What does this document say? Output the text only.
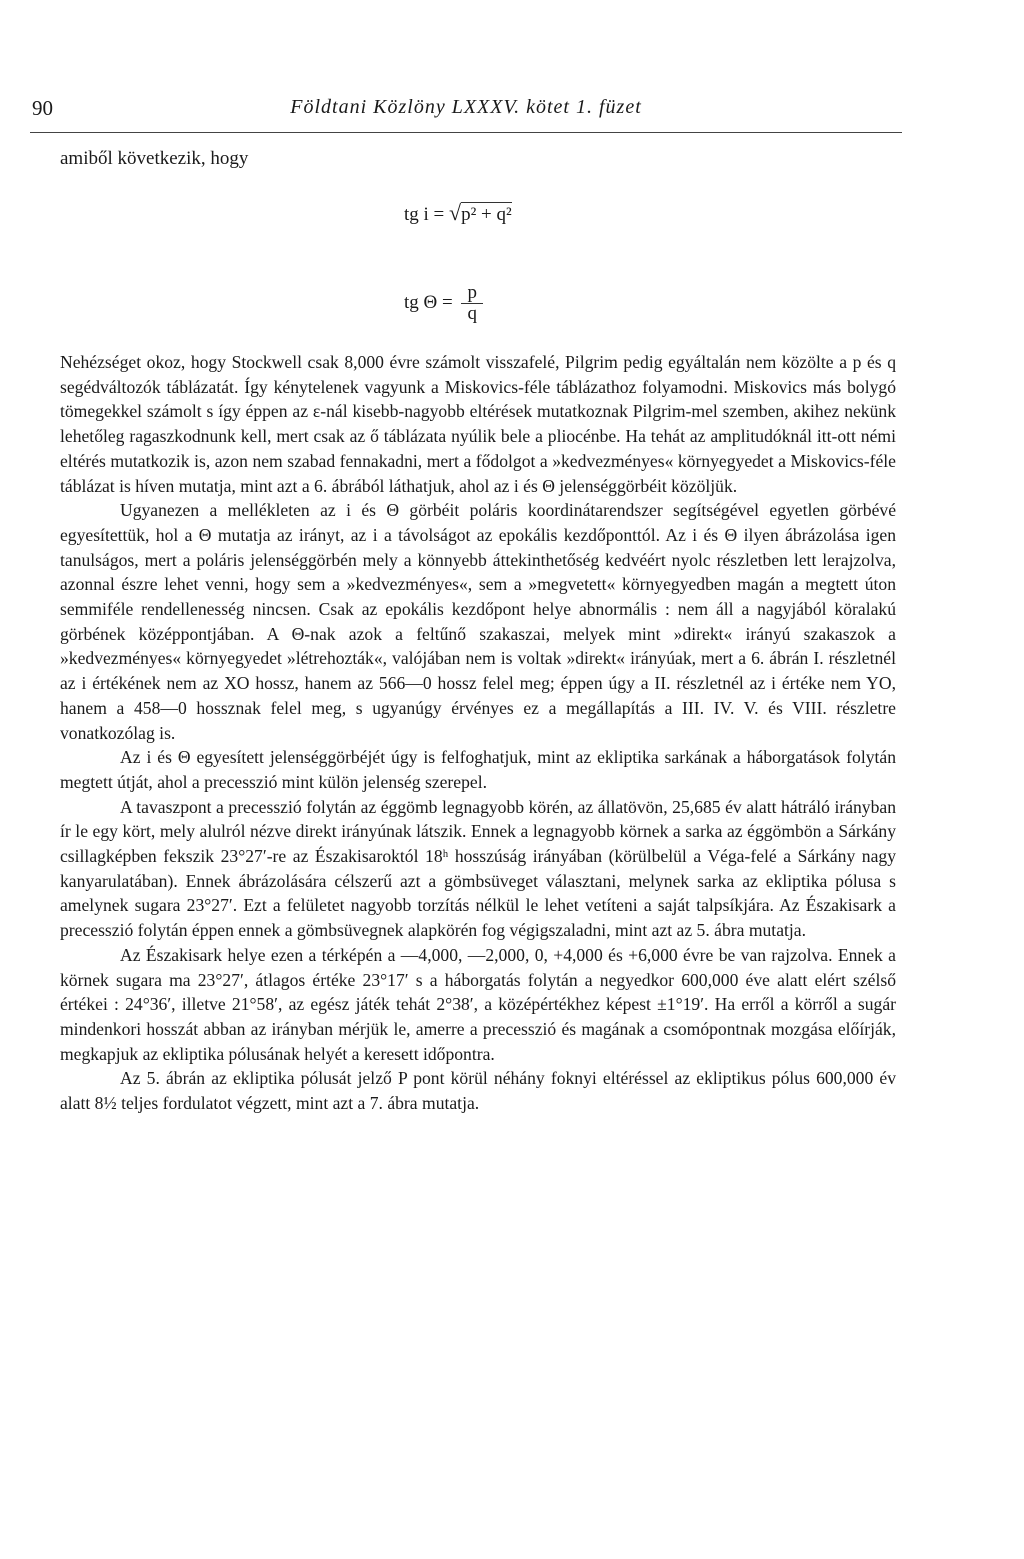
90	Földtani Közlöny LXXXV. kötet 1. füzet
amiből következik, hogy
tg i = √p² + q²
tg $\Theta = \frac{p}{q}$

Nehézséget okoz, hogy Stockwell csak 8,000 évre számolt visszafelé, Pilgrim pedig egyáltalán nem közölte a p és q segédváltozók táblázatát. Így kénytelenek vagyunk a Miskovics-féle táblázathoz folyamodni. Miskovics más bolygó tömegekkel számolt s így éppen az ε-nál kisebb-nagyobb eltérések mutatkoznak Pilgrim-mel szemben, akihez nekünk lehetőleg ragaszkodnunk kell, mert csak az ő táblázata nyúlik bele a pliocénbe. Ha tehát az amplitudóknál itt-ott némi eltérés mutatkozik is, azon nem szabad fennakadni, mert a fődolgot a »kedvezményes« környegyedet a Miskovics-féle táblázat is híven mutatja, mint azt a 6. ábrából láthatjuk, ahol az i és Θ jelenséggörbéit közöljük.

Ugyanezen a mellékleten az i és Θ görbéit poláris koordinátarendszer segítségével egyetlen görbévé egyesítettük, hol a Θ mutatja az irányt, az i a távolságot az epokális kezdőponttól. Az i és Θ ilyen ábrázolása igen tanulságos, mert a poláris jelenséggörbén mely a könnyebb áttekinthetőség kedvéért nyolc részletben lett lerajzolva, azonnal észre lehet venni, hogy sem a »kedvezményes«, sem a »megvetett« környegyedben magán a megtett úton semmiféle rendellenesség nincsen. Csak az epokális kezdőpont helye abnormális : nem áll a nagyjából köralakú görbének középpontjában. A Θ-nak azok a feltűnő szakaszai, melyek mint »direkt« irányú szakaszok a »kedvezményes« környegyedet »létrehozták«, valójában nem is voltak »direkt« irányúak, mert a 6. ábrán I. részletnél az i értékének nem az XO hossz, hanem az 566—0 hossz felel meg; éppen úgy a II. részletnél az i értéke nem YO, hanem a 458—0 hossznak felel meg, s ugyanúgy érvényes ez a megállapítás a III. IV. V. és VIII. részletre vonatkozólag is.

Az i és Θ egyesített jelenséggörbéjét úgy is felfoghatjuk, mint az ekliptika sarkának a háborgatások folytán megtett útját, ahol a precesszió mint külön jelenség szerepel.

A tavaszpont a precesszió folytán az éggömb legnagyobb körén, az állatövön, 25,685 év alatt hátráló irányban ír le egy kört, mely alulról nézve direkt irányúnak látszik. Ennek a legnagyobb körnek a sarka az éggömbön a Sárkány csillagképben fekszik 23°27′-re az Északisaroktól 18ʰ hosszúság irányában (körülbelül a Véga-felé a Sárkány nagy kanyarulatában). Ennek ábrázolására célszerű azt a gömbsüveget választani, melynek sarka az ekliptika pólusa s amelynek sugara 23°27′. Ezt a felületet nagyobb torzítás nélkül le lehet vetíteni a saját talpsíkjára. Az Északisark a precesszió folytán éppen ennek a gömbsüvegnek alapkörén fog végigszaladni, mint azt az 5. ábra mutatja.

Az Északisark helye ezen a térképén a —4,000, —2,000, 0, +4,000 és +6,000 évre be van rajzolva. Ennek a körnek sugara ma 23°27′, átlagos értéke 23°17′ s a háborgatás folytán a negyedkor 600,000 éve alatt elért szélső értékei : 24°36′, illetve 21°58′, az egész játék tehát 2°38′, a középértékhez képest ±1°19′. Ha erről a körről a sugár mindenkori hosszát abban az irányban mérjük le, amerre a precesszió és magának a csomópontnak mozgása előírják, megkapjuk az ekliptika pólusának helyét a keresett időpontra.

Az 5. ábrán az ekliptika pólusát jelző P pont körül néhány foknyi eltéréssel az ekliptikus pólus 600,000 év alatt 8½ teljes fordulatot végzett, mint azt a 7. ábra mutatja.
